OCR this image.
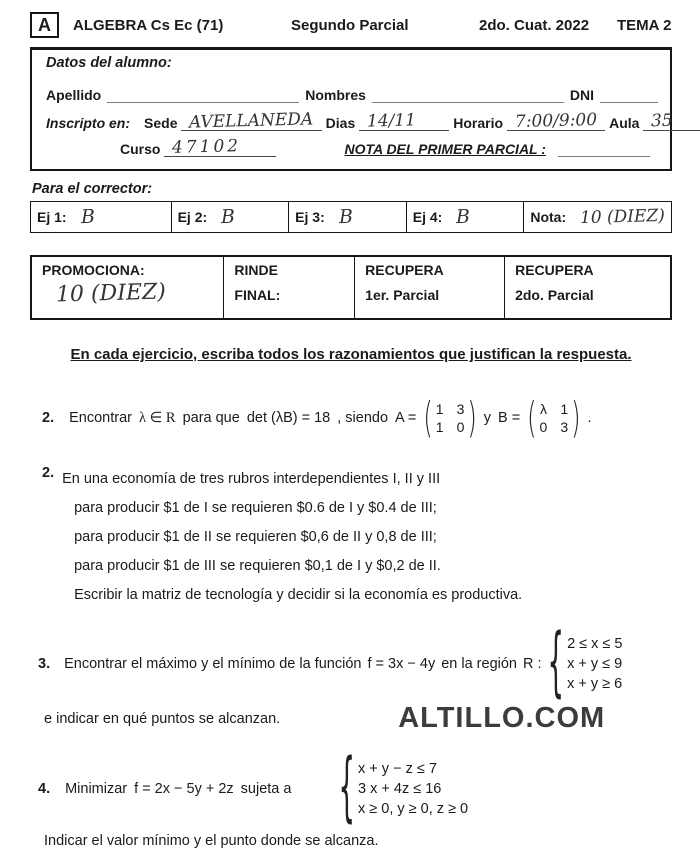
A	ALGEBRA Cs Ec (71)	Segundo Parcial	2do. Cuat. 2022	TEMA 2
Datos del alumno:
Apellido	Nombres	DNI
Inscripto en: Sede AVELLANEDA Dias 14/11	Horario 7:00/9:00 Aula 35
Curso 47102	NOTA DEL PRIMER PARCIAL :
Para el corrector:
Ej 1: B	Ej 2: B	Ej 3: B	Ej 4: B	Nota: 10 (DIEZ)
PROMOCIONA:
10 (DIEZ)
RINDE
FINAL:
RECUPERA
1er. Parcial
RECUPERA
2do. Parcial
En cada ejercicio, escriba todos los razonamientos que justifican la respuesta.
2. Encontrar λ ∈ R para que det (λB) = 18 , siendo A = ( 1 3
1 0 ) y B = ( λ 1
0 3 ) .
2. En una economía de tres rubros interdependientes I, II y III
para producir $1 de I se requieren $0.6 de I y $0.4 de III;
para producir $1 de II se requieren $0,6 de II y 0,8 de III;
para producir $1 de III se requieren $0,1 de I y $0,2 de II.
Escribir la matriz de tecnología y decidir si la economía es productiva.
3. Encontrar el máximo y el mínimo de la función f = 3x − 4y en la región R : { 2 ≤ x ≤ 5
x + y ≤ 9
x + y ≥ 6
e indicar en qué puntos se alcanzan.	ALTILLO.COM
4. Minimizar f = 2x − 5y + 2z sujeta a { x + y − z ≤ 7
3 x + 4z ≤ 16
x ≥ 0, y ≥ 0, z ≥ 0
Indicar el valor mínimo y el punto donde se alcanza.
